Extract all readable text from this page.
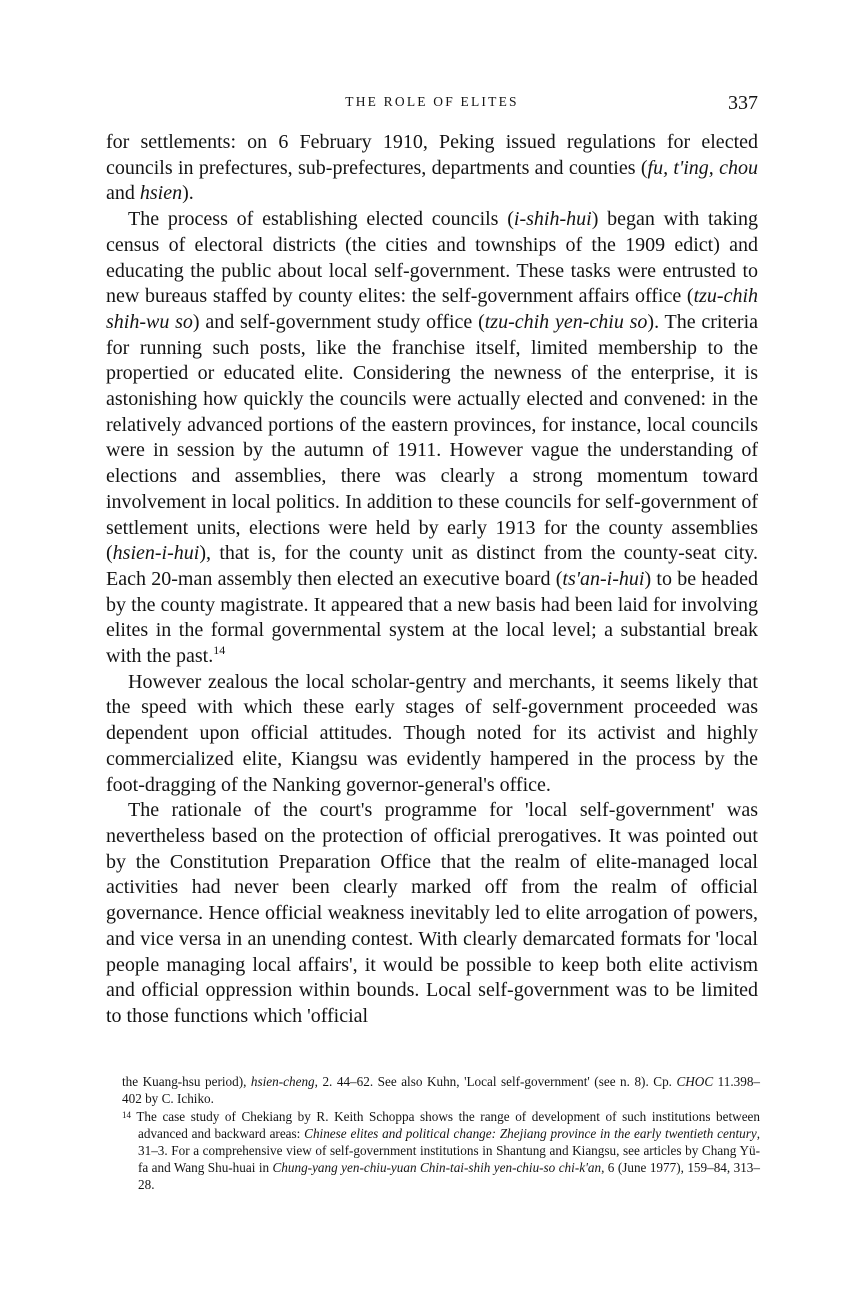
THE ROLE OF ELITES	337

for settlements: on 6 February 1910, Peking issued regulations for elected councils in prefectures, sub-prefectures, departments and counties (fu, t'ing, chou and hsien).

The process of establishing elected councils (i-shih-hui) began with taking census of electoral districts (the cities and townships of the 1909 edict) and educating the public about local self-government. These tasks were entrusted to new bureaus staffed by county elites: the self-government affairs office (tzu-chih shih-wu so) and self-government study office (tzu-chih yen-chiu so). The criteria for running such posts, like the franchise itself, limited membership to the propertied or educated elite. Considering the newness of the enterprise, it is astonishing how quickly the councils were actually elected and convened: in the relatively advanced portions of the eastern provinces, for instance, local councils were in session by the autumn of 1911. However vague the understanding of elections and assemblies, there was clearly a strong momentum toward involvement in local politics. In addition to these councils for self-government of settlement units, elections were held by early 1913 for the county assemblies (hsien-i-hui), that is, for the county unit as distinct from the county-seat city. Each 20-man assembly then elected an executive board (ts'an-i-hui) to be headed by the county magistrate. It appeared that a new basis had been laid for involving elites in the formal governmental system at the local level; a substantial break with the past.$^{14}$

However zealous the local scholar-gentry and merchants, it seems likely that the speed with which these early stages of self-government proceeded was dependent upon official attitudes. Though noted for its activist and highly commercialized elite, Kiangsu was evidently hampered in the process by the foot-dragging of the Nanking governor-general's office.

The rationale of the court's programme for 'local self-government' was nevertheless based on the protection of official prerogatives. It was pointed out by the Constitution Preparation Office that the realm of elite-managed local activities had never been clearly marked off from the realm of official governance. Hence official weakness inevitably led to elite arrogation of powers, and vice versa in an unending contest. With clearly demarcated formats for 'local people managing local affairs', it would be possible to keep both elite activism and official oppression within bounds. Local self-government was to be limited to those functions which 'official

the Kuang-hsu period), hsien-cheng, 2. 44–62. See also Kuhn, 'Local self-government' (see n. 8). Cp. CHOC 11.398–402 by C. Ichiko.

$^{14}$ The case study of Chekiang by R. Keith Schoppa shows the range of development of such institutions between advanced and backward areas: Chinese elites and political change: Zhejiang province in the early twentieth century, 31–3. For a comprehensive view of self-government institutions in Shantung and Kiangsu, see articles by Chang Yü-fa and Wang Shu-huai in Chung-yang yen-chiu-yuan Chin-tai-shih yen-chiu-so chi-k'an, 6 (June 1977), 159–84, 313–28.
